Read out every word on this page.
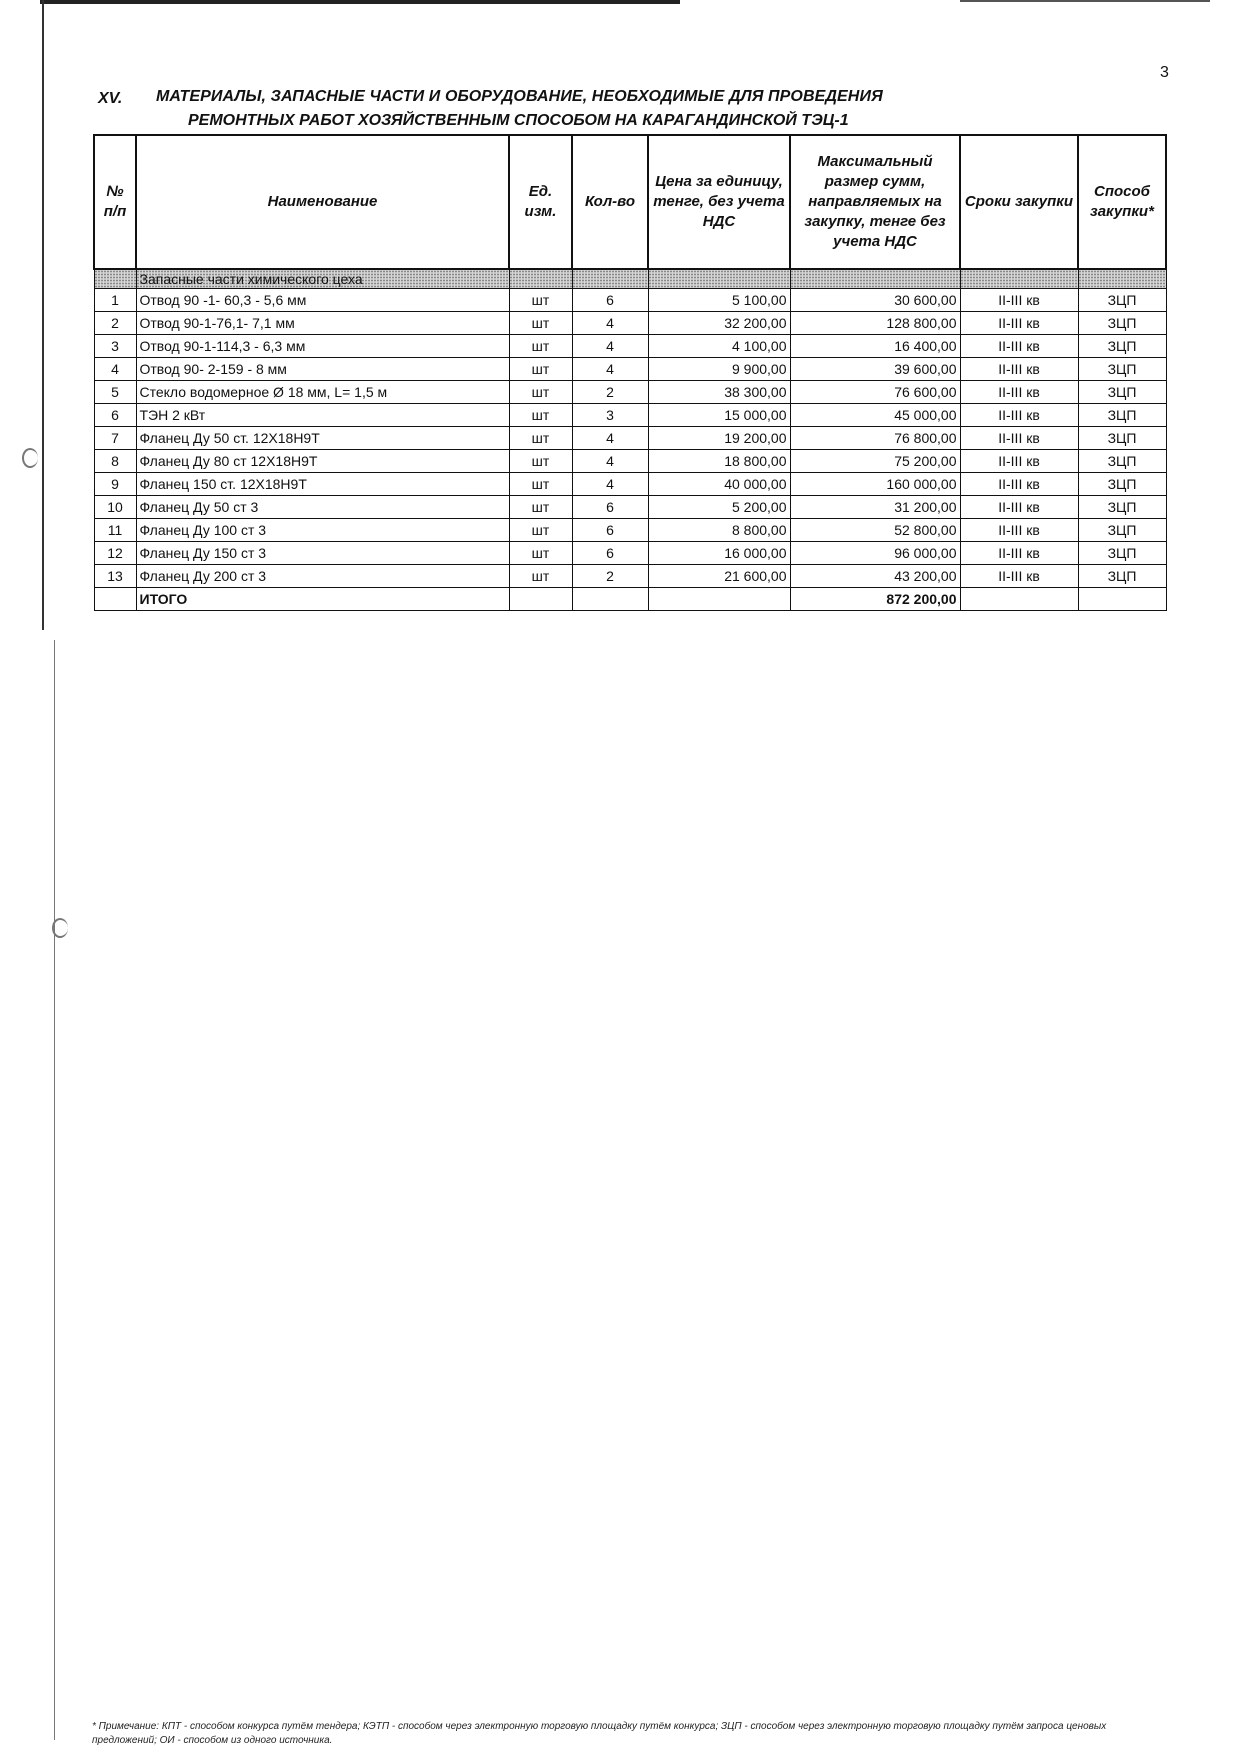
3
XV. МАТЕРИАЛЫ, ЗАПАСНЫЕ ЧАСТИ И ОБОРУДОВАНИЕ, НЕОБХОДИМЫЕ ДЛЯ ПРОВЕДЕНИЯ
РЕМОНТНЫХ РАБОТ ХОЗЯЙСТВЕННЫМ СПОСОБОМ НА КАРАГАНДИНСКОЙ ТЭЦ-1
№ п/п	Наименование	Ед. изм.	Кол-во	Цена за единицу, тенге, без учета НДС	Максимальный размер сумм, направляемых на закупку, тенге без учета НДС	Сроки закупки	Способ закупки*
	Запасные части химического цеха						
1	Отвод 90 -1- 60,3 - 5,6 мм	шт	6	5 100,00	30 600,00	II-III кв	ЗЦП
2	Отвод 90-1-76,1- 7,1 мм	шт	4	32 200,00	128 800,00	II-III кв	ЗЦП
3	Отвод 90-1-114,3 - 6,3 мм	шт	4	4 100,00	16 400,00	II-III кв	ЗЦП
4	Отвод 90- 2-159 - 8 мм	шт	4	9 900,00	39 600,00	II-III кв	ЗЦП
5	Стекло водомерное Ø 18 мм, L= 1,5 м	шт	2	38 300,00	76 600,00	II-III кв	ЗЦП
6	ТЭН 2 кВт	шт	3	15 000,00	45 000,00	II-III кв	ЗЦП
7	Фланец Ду 50 ст. 12Х18Н9Т	шт	4	19 200,00	76 800,00	II-III кв	ЗЦП
8	Фланец Ду 80 ст 12Х18Н9Т	шт	4	18 800,00	75 200,00	II-III кв	ЗЦП
9	Фланец 150 ст. 12Х18Н9Т	шт	4	40 000,00	160 000,00	II-III кв	ЗЦП
10	Фланец Ду 50 ст 3	шт	6	5 200,00	31 200,00	II-III кв	ЗЦП
11	Фланец Ду 100 ст 3	шт	6	8 800,00	52 800,00	II-III кв	ЗЦП
12	Фланец Ду 150 ст 3	шт	6	16 000,00	96 000,00	II-III кв	ЗЦП
13	Фланец Ду 200 ст 3	шт	2	21 600,00	43 200,00	II-III кв	ЗЦП
	ИТОГО				872 200,00		
* Примечание: КПТ - способом конкурса путём тендера; КЭТП - способом через электронную торговую площадку путём конкурса; ЗЦП - способом через электронную торговую площадку путём запроса ценовых предложений; ОИ - способом из одного источника.
